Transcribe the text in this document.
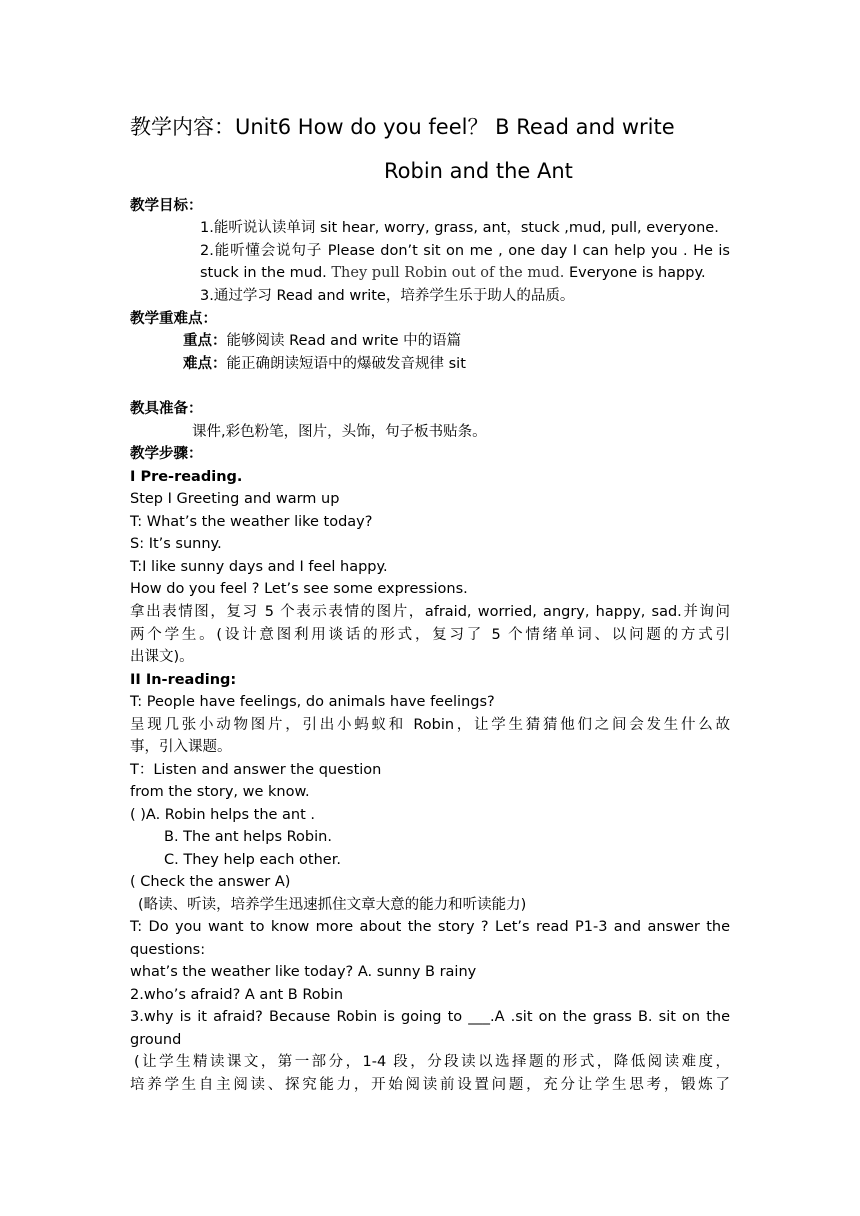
教学内容：Unit6 How do you feel？ B Read and write
Robin and the Ant
教学目标：
1.能听说认读单词 sit hear, worry, grass, ant，stuck ,mud, pull, everyone.
2.能听懂会说句子 Please don’t sit on me , one day I can help you . He is
stuck in the mud. They pull Robin out of the mud. Everyone is happy.
3.通过学习 Read and write，培养学生乐于助人的品质。
教学重难点：
重点：能够阅读 Read and write 中的语篇
难点：能正确朗读短语中的爆破发音规律 sit
教具准备：
课件,彩色粉笔，图片，头饰，句子板书贴条。
教学步骤：
I Pre-reading.
Step I Greeting and warm up
T: What’s the weather like today?
S: It’s sunny.
T:I like sunny days and I feel happy.
How do you feel ? Let’s see some expressions.
拿出表情图，复习 5 个表示表情的图片，afraid, worried, angry, happy, sad.并询问
两个学生。(设计意图利用谈话的形式，复习了 5 个情绪单词、以问题的方式引
出课文)。
II In-reading:
T: People have feelings, do animals have feelings?
呈现几张小动物图片，引出小蚂蚁和 Robin，让学生猜猜他们之间会发生什么故
事，引入课题。
T：Listen and answer the question
from the story, we know.
( )A. Robin helps the ant .
B. The ant helps Robin.
C. They help each other.
( Check the answer A)
(略读、听读，培养学生迅速抓住文章大意的能力和听读能力)
T: Do you want to know more about the story ? Let’s read P1-3 and answer the
questions:
what’s the weather like today? A. sunny B rainy
2.who’s afraid? A ant B Robin
3.why is it afraid? Because Robin is going to ___.A .sit on the grass B. sit on the
ground
(让学生精读课文，第一部分，1-4 段，分段读以选择题的形式，降低阅读难度，
培养学生自主阅读、探究能力，开始阅读前设置问题，充分让学生思考，锻炼了
